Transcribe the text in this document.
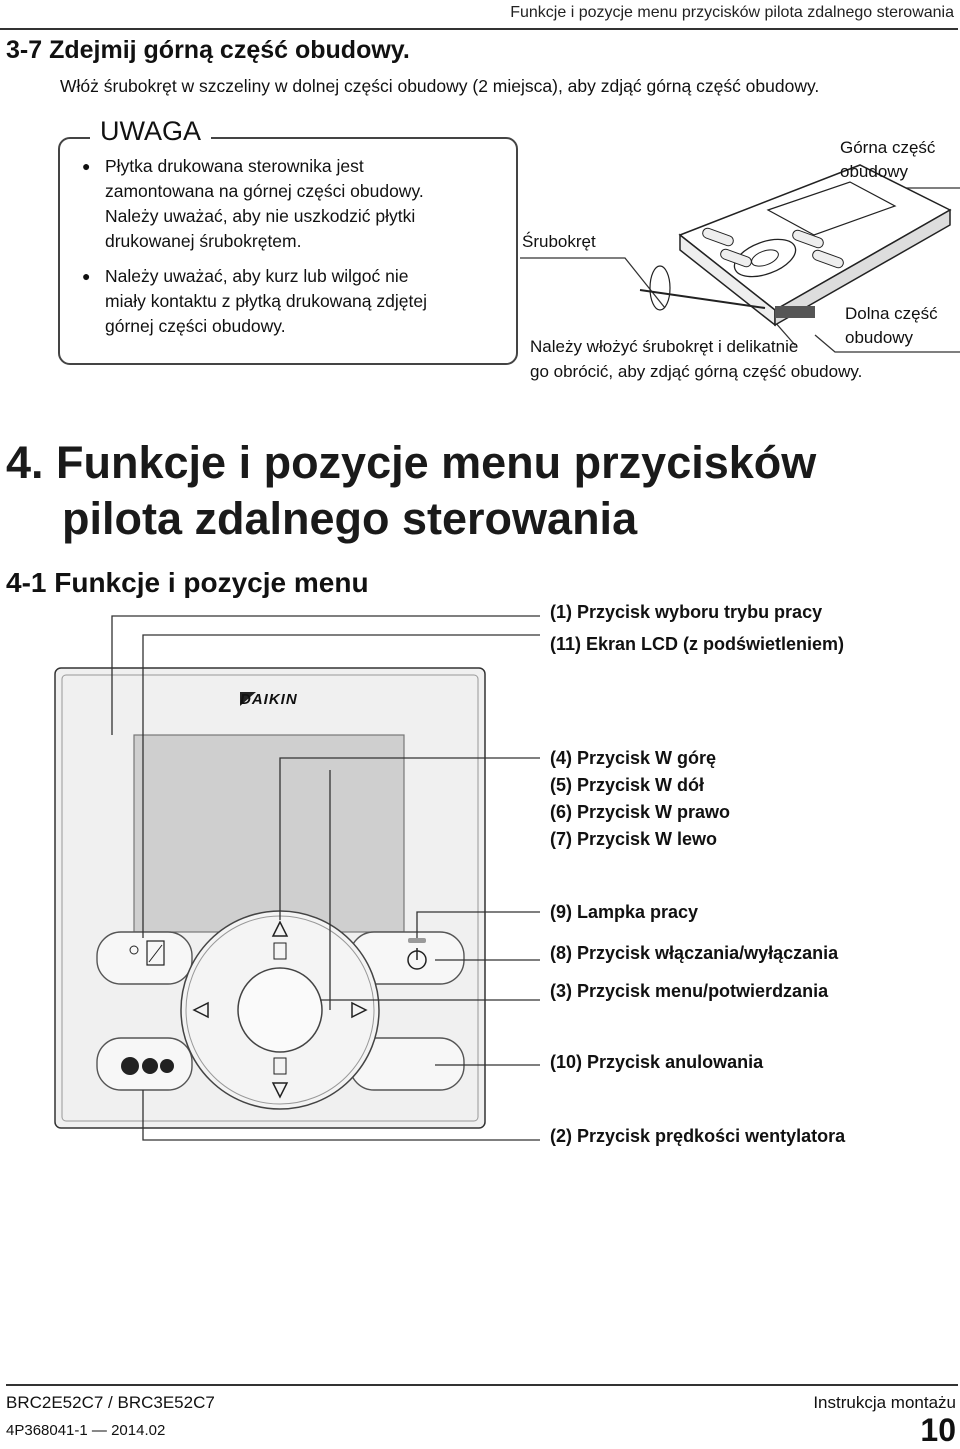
Funkcje i pozycje menu przycisków pilota zdalnego sterowania
3-7 Zdejmij górną część obudowy.
Włóż śrubokręt w szczeliny w dolnej części obudowy (2 miejsca), aby zdjąć górną część obudowy.
UWAGA
● Płytka drukowana sterownika jest
zamontowana na górnej części obudowy.
Należy uważać, aby nie uszkodzić płytki
drukowanej śrubokrętem.
● Należy uważać, aby kurz lub wilgoć nie
miały kontaktu z płytką drukowaną zdjętej
górnej części obudowy.
Górna część
obudowy
Śrubokręt
Dolna część
obudowy
Należy włożyć śrubokręt i delikatnie
go obrócić, aby zdjąć górną część obudowy.
4. Funkcje i pozycje menu przycisków
pilota zdalnego sterowania
4-1 Funkcje i pozycje menu
DAIKIN
(1) Przycisk wyboru trybu pracy
(11) Ekran LCD (z podświetleniem)
(4) Przycisk W górę
(5) Przycisk W dół
(6) Przycisk W prawo
(7) Przycisk W lewo
(9) Lampka pracy
(8) Przycisk włączania/wyłączania
(3) Przycisk menu/potwierdzania
(10) Przycisk anulowania
(2) Przycisk prędkości wentylatora
BRC2E52C7 / BRC3E52C7
4P368041-1 — 2014.02
Instrukcja montażu
10
